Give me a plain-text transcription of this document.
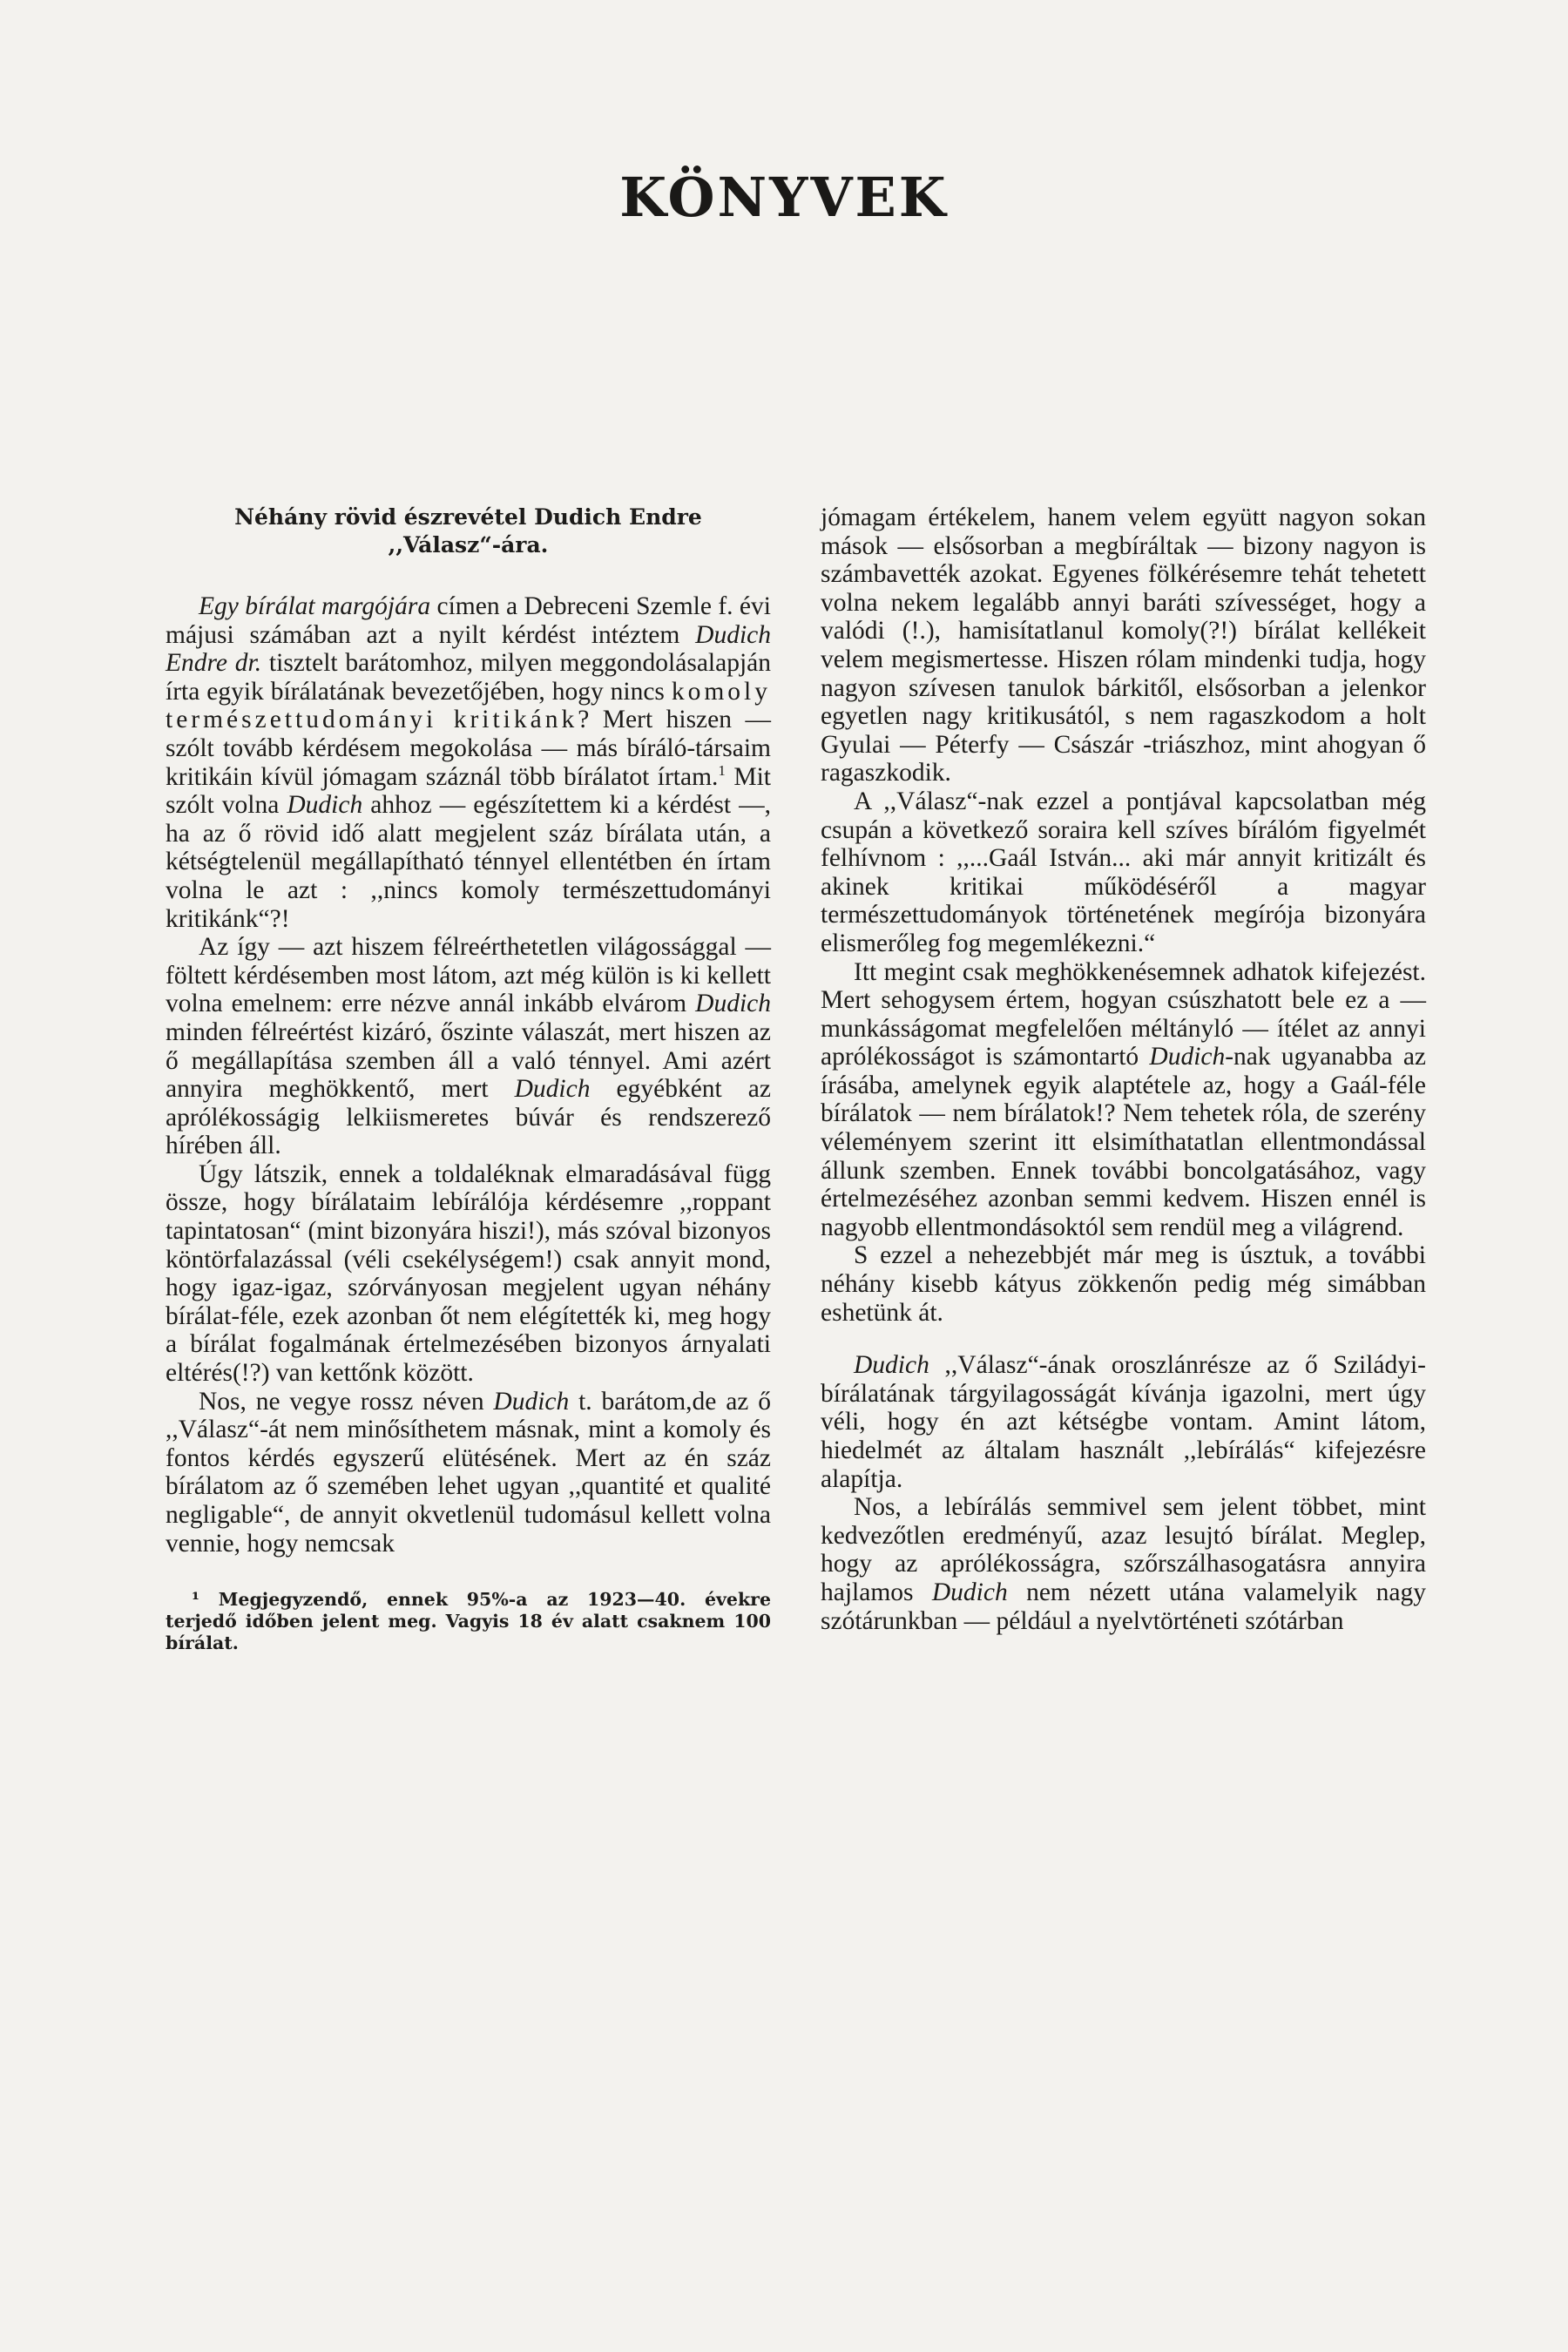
KÖNYVEK
Néhány rövid észrevétel Dudich Endre
,,Válasz“-ára.

Egy bírálat margójára címen a Debreceni Szemle f. évi májusi számában azt a nyilt kérdést intéztem Dudich Endre dr. tisztelt barátomhoz, milyen meggondolásalapján írta egyik bírálatának bevezetőjében, hogy nincs komoly természettudományi kritikánk? Mert hiszen — szólt tovább kérdésem megokolása — más bíráló-társaim kritikáin kívül jómagam száznál több bírálatot írtam.$^1$ Mit szólt volna Dudich ahhoz — egészítettem ki a kérdést —, ha az ő rövid idő alatt megjelent száz bírálata után, a kétségtelenül megállapítható ténnyel ellentétben én írtam volna le azt : ,,nincs komoly természettudományi kritikánk“?!

Az így — azt hiszem félreérthetetlen világossággal — föltett kérdésemben most látom, azt még külön is ki kellett volna emelnem: erre nézve annál inkább elvárom Dudich minden félreértést kizáró, őszinte válaszát, mert hiszen az ő megállapítása szemben áll a való ténnyel. Ami azért annyira meghökkentő, mert Dudich egyébként az aprólékosságig lelkiismeretes búvár és rendszerező hírében áll.

Úgy látszik, ennek a toldaléknak elmaradásával függ össze, hogy bírálataim lebírálója kérdésemre ,,roppant tapintatosan“ (mint bizonyára hiszi!), más szóval bizonyos köntörfalazással (véli csekélységem!) csak annyit mond, hogy igaz-igaz, szórványosan megjelent ugyan néhány bírálat-féle, ezek azonban őt nem elégítették ki, meg hogy a bírálat fogalmának értelmezésében bizonyos árnyalati eltérés(!?) van kettőnk között.

Nos, ne vegye rossz néven Dudich t. barátom,de az ő ,,Válasz“-át nem minősíthetem másnak, mint a komoly és fontos kérdés egyszerű elütésének. Mert az én száz bírálatom az ő szemében lehet ugyan ,,quantité et qualité negligable“, de annyit okvetlenül tudomásul kellett volna vennie, hogy nemcsak

¹ Megjegyzendő, ennek 95%-a az 1923—40. évekre terjedő időben jelent meg. Vagyis 18 év alatt csaknem 100 bírálat.

jómagam értékelem, hanem velem együtt nagyon sokan mások — elsősorban a megbíráltak — bizony nagyon is számbavették azokat. Egyenes fölkérésemre tehát tehetett volna nekem legalább annyi baráti szívességet, hogy a valódi (!.), hamisítatlanul komoly(?!) bírálat kellékeit velem megismertesse. Hiszen rólam mindenki tudja, hogy nagyon szívesen tanulok bárkitől, elsősorban a jelenkor egyetlen nagy kritikusától, s nem ragaszkodom a holt Gyulai — Péterfy — Császár -triászhoz, mint ahogyan ő ragaszkodik.

A ,,Válasz“-nak ezzel a pontjával kapcsolatban még csupán a következő soraira kell szíves bírálóm figyelmét felhívnom : ,,...Gaál István... aki már annyit kritizált és akinek kritikai működéséről a magyar természettudományok történetének megírója bizonyára elismerőleg fog megemlékezni.“

Itt megint csak meghökkenésemnek adhatok kifejezést. Mert sehogysem értem, hogyan csúszhatott bele ez a — munkásságomat megfelelően méltányló — ítélet az annyi aprólékosságot is számontartó Dudich-nak ugyanabba az írásába, amelynek egyik alaptétele az, hogy a Gaál-féle bírálatok — nem bírálatok!? Nem tehetek róla, de szerény véleményem szerint itt elsimíthatatlan ellentmondással állunk szemben. Ennek további boncolgatásához, vagy értelmezéséhez azonban semmi kedvem. Hiszen ennél is nagyobb ellentmondásoktól sem rendül meg a világrend.

S ezzel a nehezebbjét már meg is úsztuk, a további néhány kisebb kátyus zökkenőn pedig még simábban eshetünk át.

Dudich ,,Válasz“-ának oroszlánrésze az ő Sziládyi-bírálatának tárgyilagosságát kívánja igazolni, mert úgy véli, hogy én azt kétségbe vontam. Amint látom, hiedelmét az általam használt ,,lebírálás“ kifejezésre alapítja.

Nos, a lebírálás semmivel sem jelent többet, mint kedvezőtlen eredményű, azaz lesujtó bírálat. Meglep, hogy az aprólékosságra, szőrszálhasogatásra annyira hajlamos Dudich nem nézett utána valamelyik nagy szótárunkban — például a nyelvtörténeti szótárban
